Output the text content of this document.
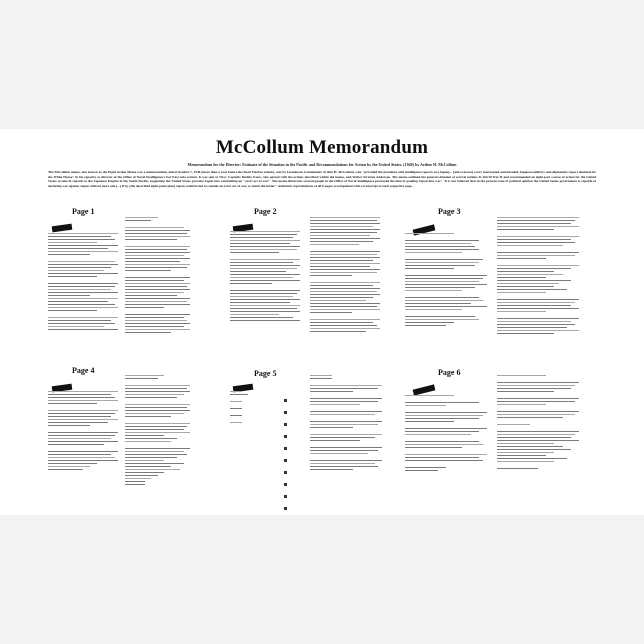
McCollum Memorandum
Memorandum for the Director: Estimate of the Situation in the Pacific and Recommendations for Action by the United States. (1940) by Arthur H. McCollum

The McCollum memo, also known as the Eight Action Memo was a memorandum, dated October 7, 1940 (more than a year before the Pearl Harbor attack), sent by Lieutenant Commander Arthur H. McCollum, who "provided the president with intelligence reports on [Japan]... [and oversaw] every intercepted and decoded Japanese military and diplomatic report destined for the White House" in his capacity as director of the Office of Naval Intelligence's Far East Asia section. It was sent to Navy Captains Dudley Knox, who agreed with the actions described within the memo, and Walter Stratton Anderson. The memo outlined the general situation of several nations in World War II and recommended an eight-part course of action for the United States to take in regards to the Japanese Empire in the South Pacific, suggesting the United States provoke Japan into committing an "overt act of war". The memo illustrates several people in the Office of Naval Intelligence promoted the idea of goading Japan into war: "It is not believed that in the present state of political opinion the United States government is capable of declaring war against Japan without more ado [...] If by [the described eight-point plan] Japan could be led to commit an overt act of war, so much the better." Authentic reproductions of all 6 pages accompanied with a transcript of each respective page.

Page 1	Page 2	Page 3
Page 4	Page 5	Page 6
